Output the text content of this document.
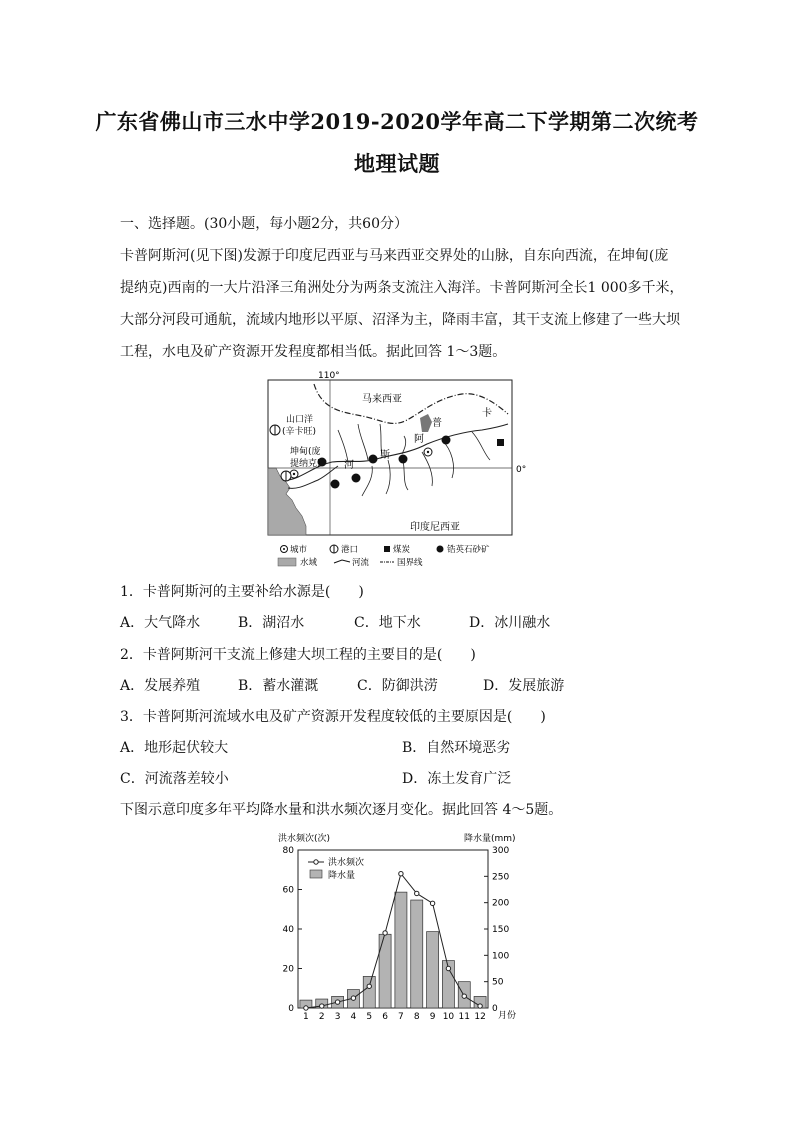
广东省佛山市三水中学2019-2020学年高二下学期第二次统考
地理试题
一、选择题。(30小题，每小题2分，共60分）
卡普阿斯河(见下图)发源于印度尼西亚与马来西亚交界处的山脉，自东向西流，在坤甸(庞
提纳克)西南的一大片沿泽三角洲处分为两条支流注入海洋。卡普阿斯河全长1 000多千米，
大部分河段可通航，流域内地形以平原、沼泽为主，降雨丰富，其干支流上修建了一些大坝
工程，水电及矿产资源开发程度都相当低。据此回答 1～3题。
110°
0°
马来西亚
印度尼西亚
山口洋
(辛卡旺)
坤甸(庞
提纳克)
卡
普
阿
斯
河
城市	港口	煤炭	锆英石砂矿
水域	河流	国界线
1．卡普阿斯河的主要补给水源是(　　)
A．大气降水	B．湖沼水	C．地下水	D．冰川融水
2．卡普阿斯河干支流上修建大坝工程的主要目的是(　　)
A．发展养殖	B．蓄水灌溉	C．防御洪涝	D．发展旅游
3．卡普阿斯河流域水电及矿产资源开发程度较低的主要原因是(　　)
A．地形起伏较大	B．自然环境恶劣
C．河流落差较小	D．冻土发育广泛
下图示意印度多年平均降水量和洪水频次逐月变化。据此回答 4～5题。
洪水频次(次)	降水量(mm)
月份
0
20
40
60
80
0
50
100
150
200
250
300
1 2 3 4 5 6 7 8 9 10 11 12
洪水频次
降水量
